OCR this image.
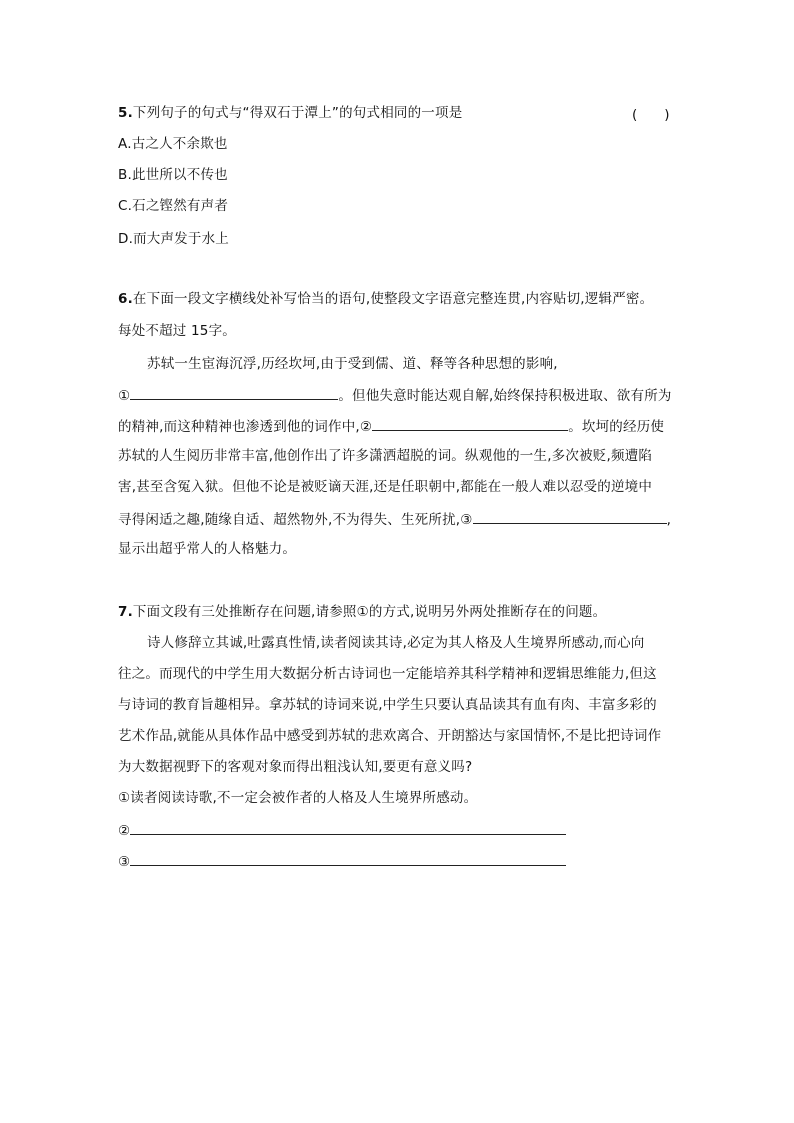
5.下列句子的句式与“得双石于潭上”的句式相同的一项是	(　　)
A.古之人不余欺也
B.此世所以不传也
C.石之铿然有声者
D.而大声发于水上
6.在下面一段文字横线处补写恰当的语句,使整段文字语意完整连贯,内容贴切,逻辑严密。
每处不超过 15字。
苏轼一生宦海沉浮,历经坎坷,由于受到儒、道、释等各种思想的影响,
①	。但他失意时能达观自解,始终保持积极进取、欲有所为
的精神,而这种精神也渗透到他的词作中,②	。坎坷的经历使
苏轼的人生阅历非常丰富,他创作出了许多潇洒超脱的词。纵观他的一生,多次被贬,频遭陷
害,甚至含冤入狱。但他不论是被贬谪天涯,还是任职朝中,都能在一般人难以忍受的逆境中
寻得闲适之趣,随缘自适、超然物外,不为得失、生死所扰,③	,
显示出超乎常人的人格魅力。
7.下面文段有三处推断存在问题,请参照①的方式,说明另外两处推断存在的问题。
诗人修辞立其诚,吐露真性情,读者阅读其诗,必定为其人格及人生境界所感动,而心向
往之。而现代的中学生用大数据分析古诗词也一定能培养其科学精神和逻辑思维能力,但这
与诗词的教育旨趣相异。拿苏轼的诗词来说,中学生只要认真品读其有血有肉、丰富多彩的
艺术作品,就能从具体作品中感受到苏轼的悲欢离合、开朗豁达与家国情怀,不是比把诗词作
为大数据视野下的客观对象而得出粗浅认知,要更有意义吗?
①读者阅读诗歌,不一定会被作者的人格及人生境界所感动。
②
③
